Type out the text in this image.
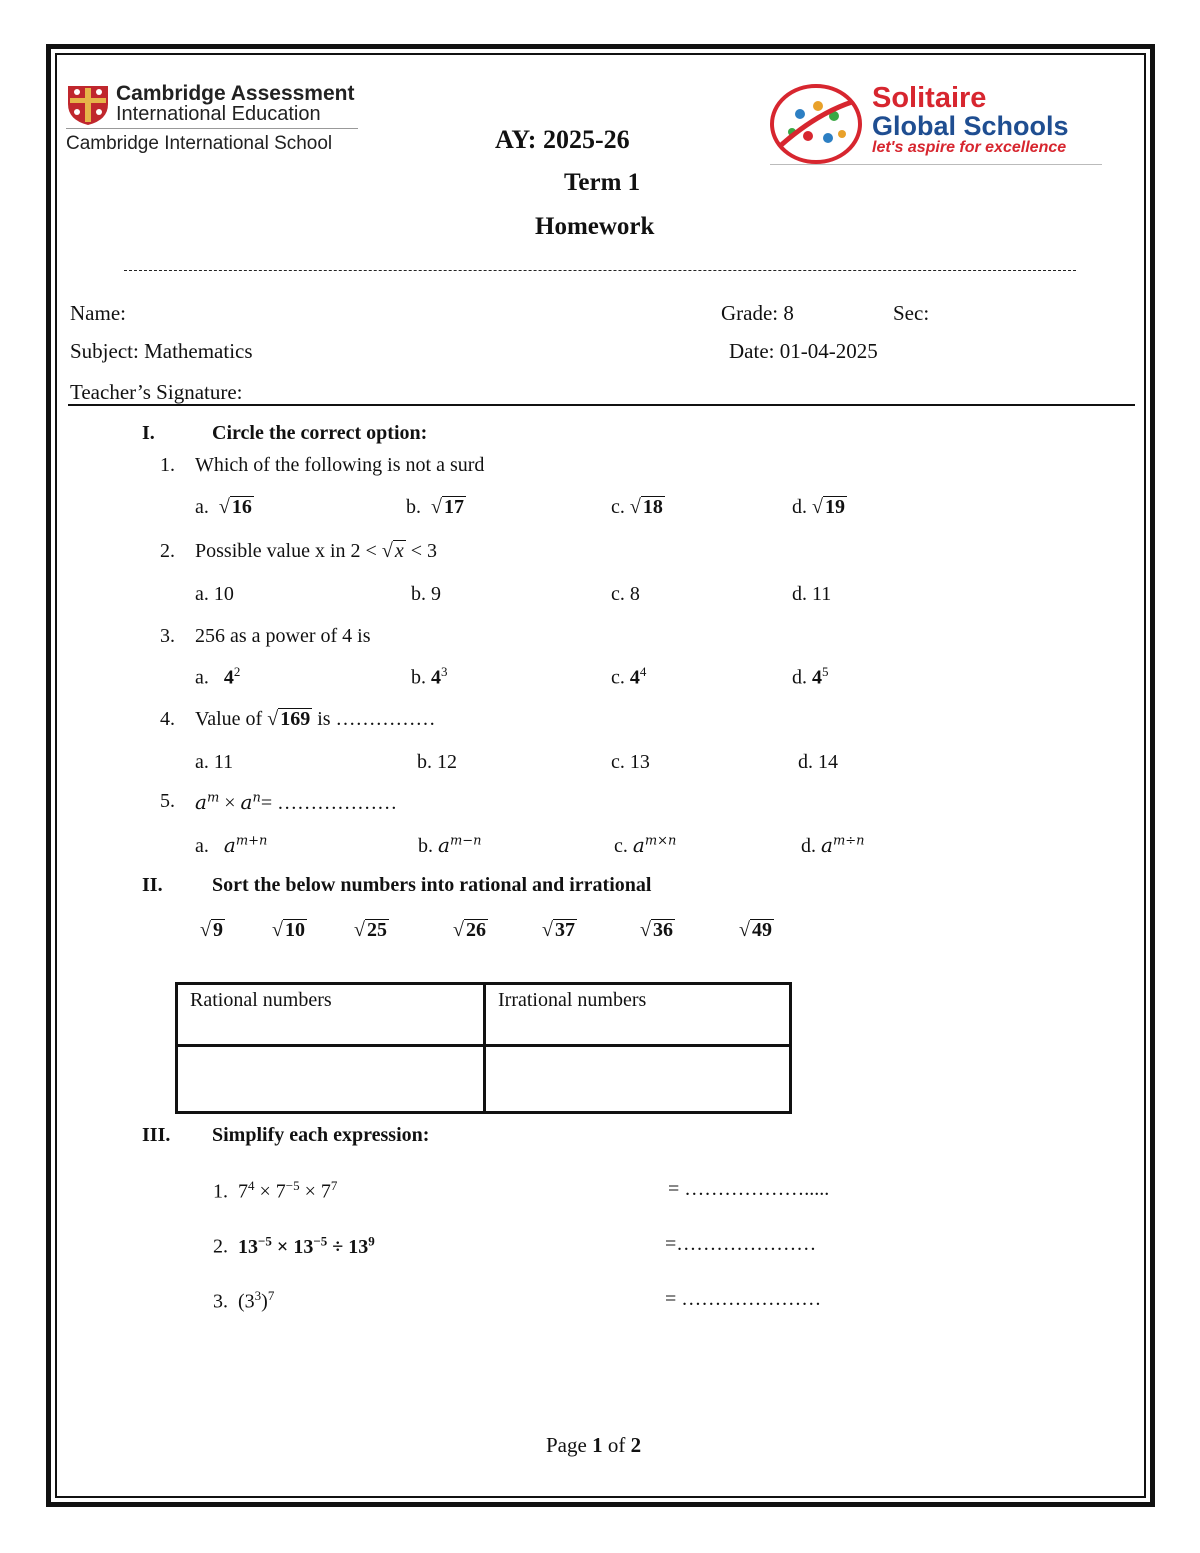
Cambridge Assessment
International Education
Cambridge International School
Solitaire
Global Schools
let's aspire for excellence
AY: 2025-26
Term 1
Homework
Name:	Grade: 8	Sec:
Subject: Mathematics	Date: 01-04-2025
Teacher’s Signature:
I.	Circle the correct option:
1. Which of the following is not a surd
a.  √ 16	b.  √ 17	c. √ 18	d. √ 19
2. Possible value x in 2 < √ x < 3
a. 10	b. 9	c. 8	d. 11
3. 256 as a power of 4 is
a. $4^2$	b. $4^3$	c. $4^4$	d. $4^5$
4. Value of √ 169 is ……………
a. 11	b. 12	c. 13	d. 14
5. $a^m \times a^n=$ ………………
a. $a^{m+n}$	b. $a^{m-n}$	c. $a^{m\times n}$	d. $a^{m\div n}$
II. Sort the below numbers into rational and irrational
√ 9 √ 10 √ 25	√ 26	√ 37	√ 36	√ 49
Rational numbers	Irrational numbers

III. Simplify each expression:
1.  $7^4 \times 7^{-5} \times 7^7$	= ……………….....
2. $13^{-5} \times 13^{-5} \div 13^9$	=…………………
3.  $(3^3)^7$	= …………………
Page 1 of 2
